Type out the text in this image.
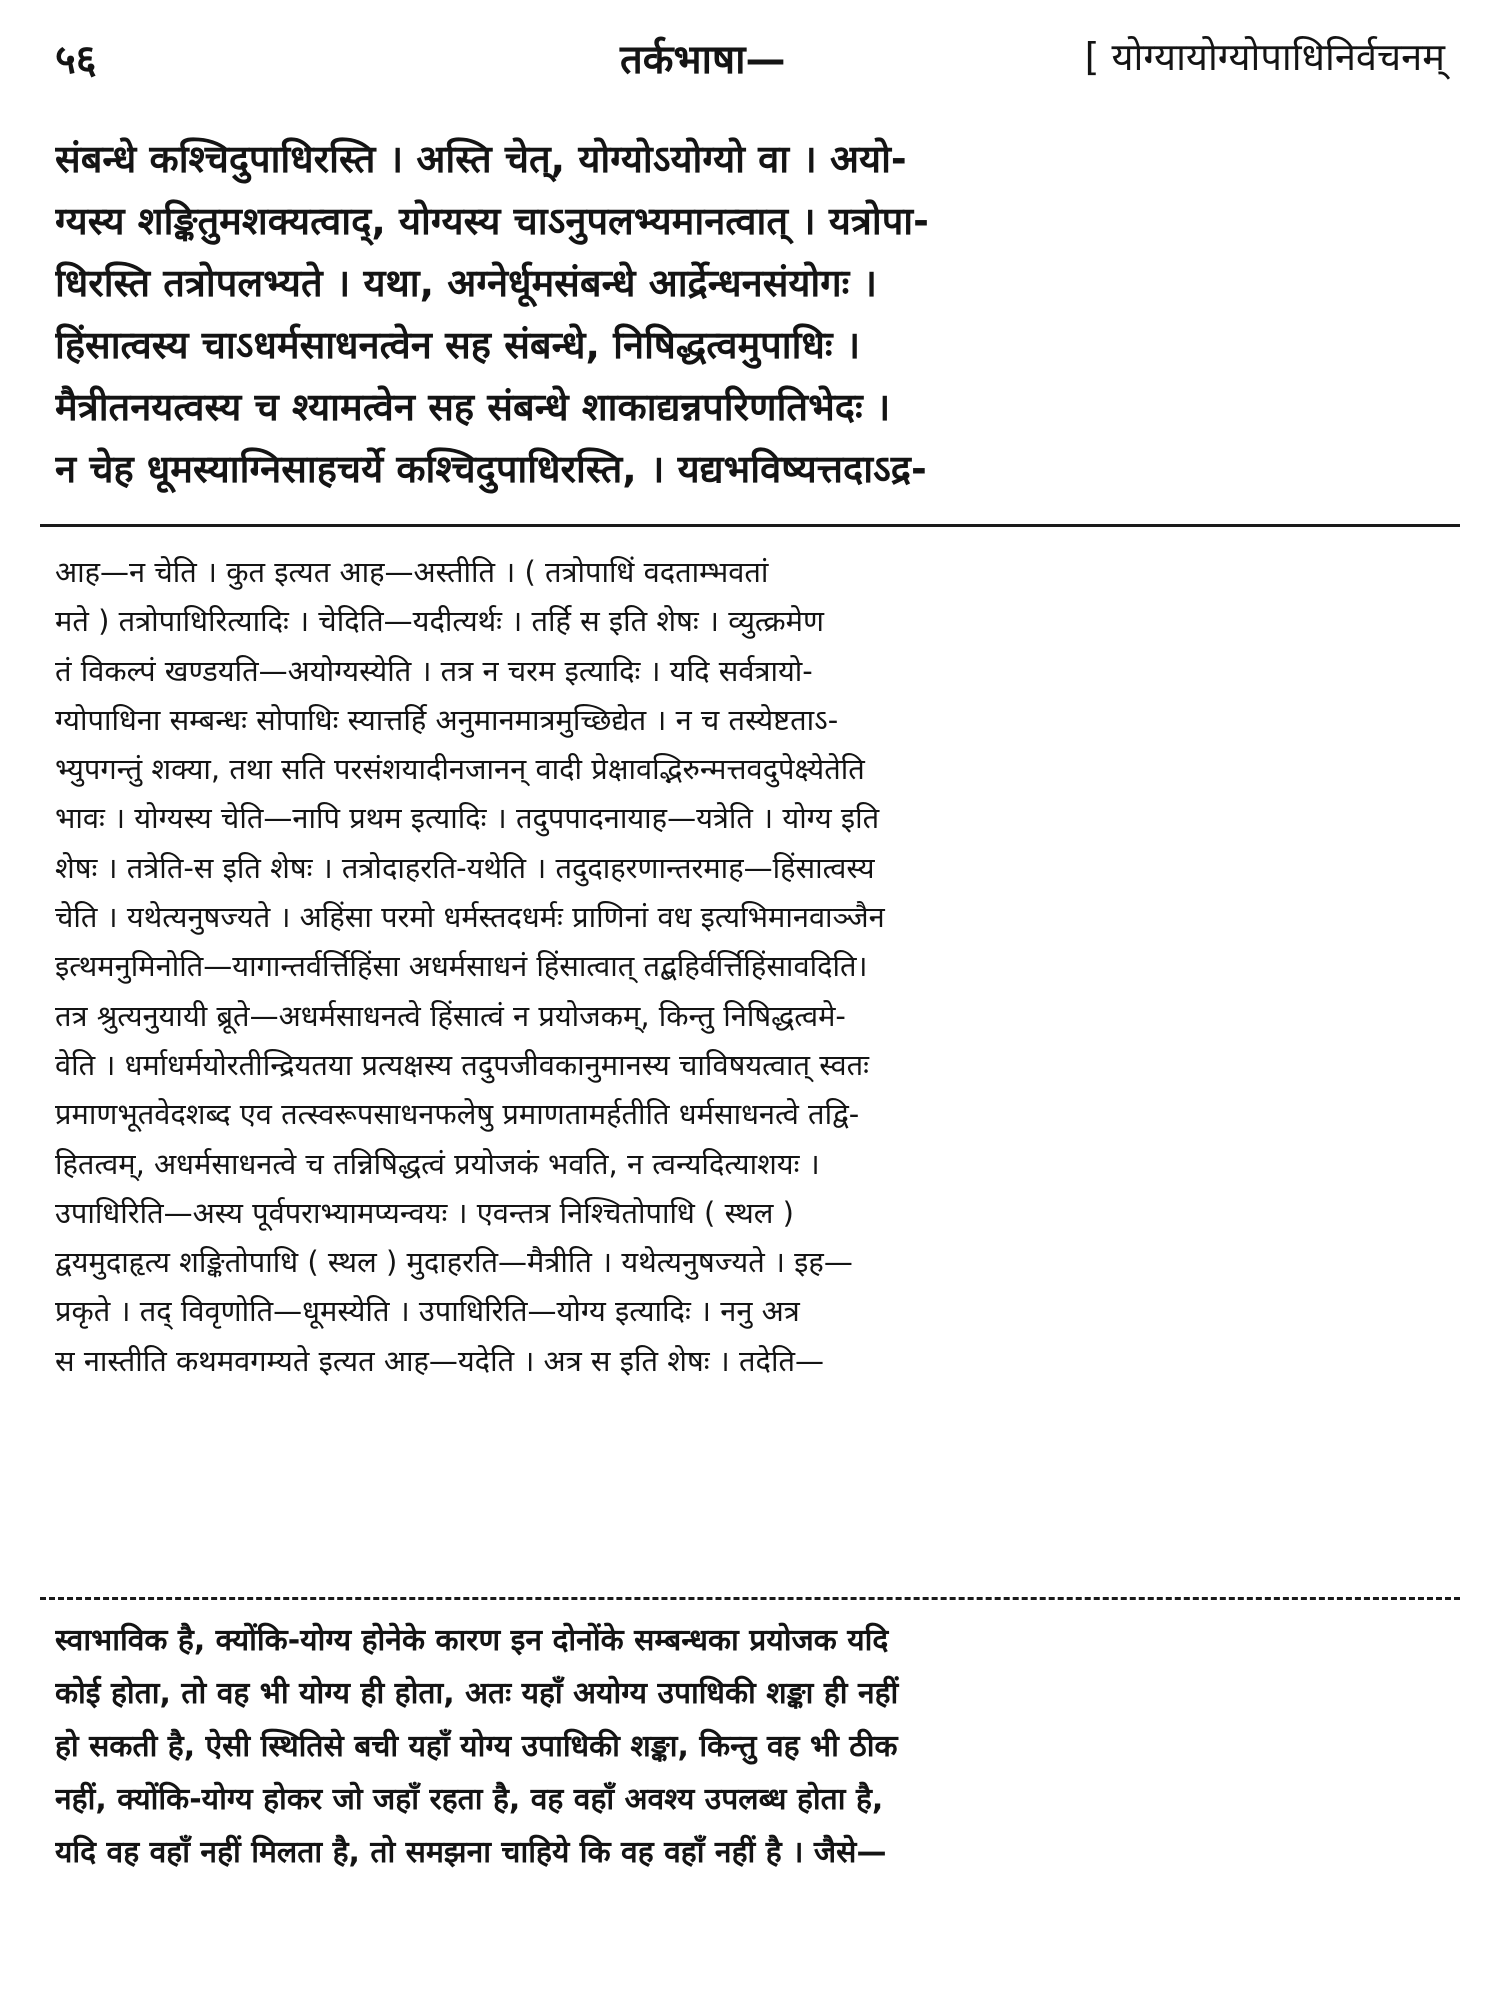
५६	तर्कभाषा—	[ योग्यायोग्योपाधिनिर्वचनम्
संबन्धे कश्चिदुपाधिरस्ति । अस्ति चेत्, योग्योऽयोग्यो वा । अयो-
ग्यस्य शङ्कितुमशक्यत्वाद्, योग्यस्य चाऽनुपलभ्यमानत्वात् । यत्रोपा-
धिरस्ति तत्रोपलभ्यते । यथा, अग्नेर्धूमसंबन्धे आर्द्रेन्धनसंयोगः ।
हिंसात्वस्य चाऽधर्मसाधनत्वेन सह संबन्धे, निषिद्धत्वमुपाधिः ।
मैत्रीतनयत्वस्य च श्यामत्वेन सह संबन्धे शाकाद्यन्नपरिणतिभेदः ।
न चेह धूमस्याग्निसाहचर्ये कश्चिदुपाधिरस्ति, । यद्यभविष्यत्तदाऽद्र-
आह—न चेति । कुत इत्यत आह—अस्तीति । ( तत्रोपाधिं वदताम्भवतां
मते ) तत्रोपाधिरित्यादिः । चेदिति—यदीत्यर्थः । तर्हि स इति शेषः । व्युत्क्रमेण
तं विकल्पं खण्डयति—अयोग्यस्येति । तत्र न चरम इत्यादिः । यदि सर्वत्रायो-
ग्योपाधिना सम्बन्धः सोपाधिः स्यात्तर्हि अनुमानमात्रमुच्छिद्येत । न च तस्येष्टताऽ-
भ्युपगन्तुं शक्या, तथा सति परसंशयादीनजानन् वादी प्रेक्षावद्भिरुन्मत्तवदुपेक्ष्येतेति
भावः । योग्यस्य चेति—नापि प्रथम इत्यादिः । तदुपपादनायाह—यत्रेति । योग्य इति
शेषः । तत्रेति-स इति शेषः । तत्रोदाहरति-यथेति । तदुदाहरणान्तरमाह—हिंसात्वस्य
चेति । यथेत्यनुषज्यते । अहिंसा परमो धर्मस्तदधर्मः प्राणिनां वध इत्यभिमानवाञ्जैन
इत्थमनुमिनोति—यागान्तर्वर्त्तिहिंसा अधर्मसाधनं हिंसात्वात् तद्बहिर्वर्त्तिहिंसावदिति।
तत्र श्रुत्यनुयायी ब्रूते—अधर्मसाधनत्वे हिंसात्वं न प्रयोजकम्, किन्तु निषिद्धत्वमे-
वेति । धर्माधर्मयोरतीन्द्रियतया प्रत्यक्षस्य तदुपजीवकानुमानस्य चाविषयत्वात् स्वतः
प्रमाणभूतवेदशब्द एव तत्स्वरूपसाधनफलेषु प्रमाणतामर्हतीति धर्मसाधनत्वे तद्वि-
हितत्वम्, अधर्मसाधनत्वे च तन्निषिद्धत्वं प्रयोजकं भवति, न त्वन्यदित्याशयः ।
उपाधिरिति—अस्य पूर्वपराभ्यामप्यन्वयः । एवन्तत्र निश्चितोपाधि ( स्थल )
द्वयमुदाहृत्य शङ्कितोपाधि ( स्थल ) मुदाहरति—मैत्रीति । यथेत्यनुषज्यते । इह—
प्रकृते । तद् विवृणोति—धूमस्येति । उपाधिरिति—योग्य इत्यादिः । ननु अत्र
स नास्तीति कथमवगम्यते इत्यत आह—यदेति । अत्र स इति शेषः । तदेति—
स्वाभाविक है, क्योंकि-योग्य होनेके कारण इन दोनोंके सम्बन्धका प्रयोजक यदि
कोई होता, तो वह भी योग्य ही होता, अतः यहाँ अयोग्य उपाधिकी शङ्का ही नहीं
हो सकती है, ऐसी स्थितिसे बची यहाँ योग्य उपाधिकी शङ्का, किन्तु वह भी ठीक
नहीं, क्योंकि-योग्य होकर जो जहाँ रहता है, वह वहाँ अवश्य उपलब्ध होता है,
यदि वह वहाँ नहीं मिलता है, तो समझना चाहिये कि वह वहाँ नहीं है । जैसे—
